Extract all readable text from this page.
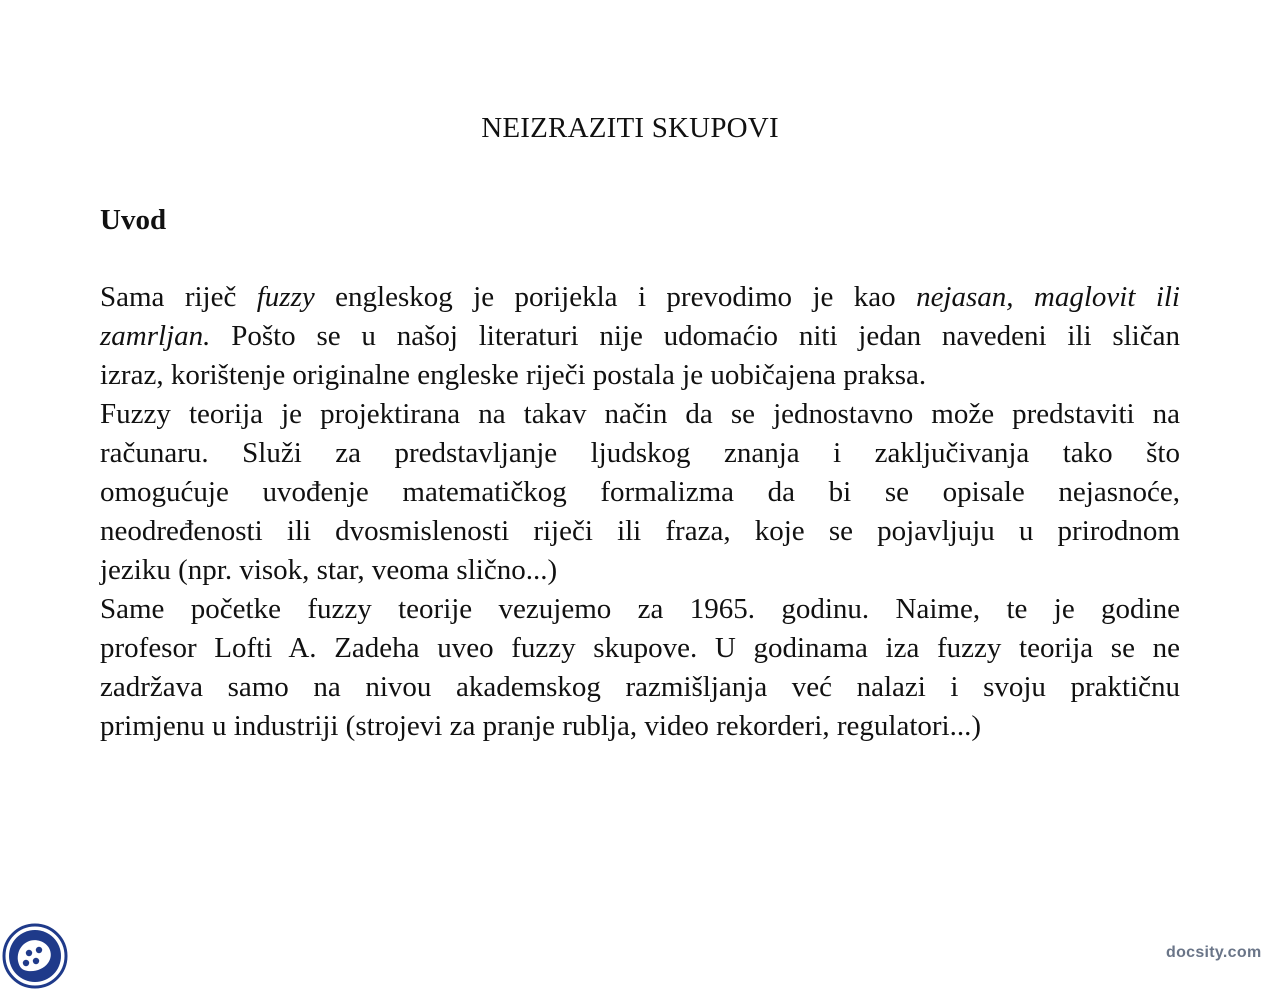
NEIZRAZITI SKUPOVI
Uvod

Sama riječ fuzzy engleskog je porijekla i prevodimo je kao nejasan, maglovit ili
zamrljan. Pošto se u našoj literaturi nije udomaćio niti jedan navedeni ili sličan
izraz, korištenje originalne engleske riječi postala je uobičajena praksa.

Fuzzy teorija je projektirana na takav način da se jednostavno može predstaviti na
računaru. Služi za predstavljanje ljudskog znanja i zaključivanja tako što
omogućuje uvođenje matematičkog formalizma da bi se opisale nejasnoće,
neodređenosti ili dvosmislenosti riječi ili fraza, koje se pojavljuju u prirodnom
jeziku (npr. visok, star, veoma slično...)

Same početke fuzzy teorije vezujemo za 1965. godinu. Naime, te je godine
profesor Lofti A. Zadeha uveo fuzzy skupove. U godinama iza fuzzy teorija se ne
zadržava samo na nivou akademskog razmišljanja već nalazi i svoju praktičnu
primjenu u industriji (strojevi za pranje rublja, video rekorderi, regulatori...)

docsity.com
